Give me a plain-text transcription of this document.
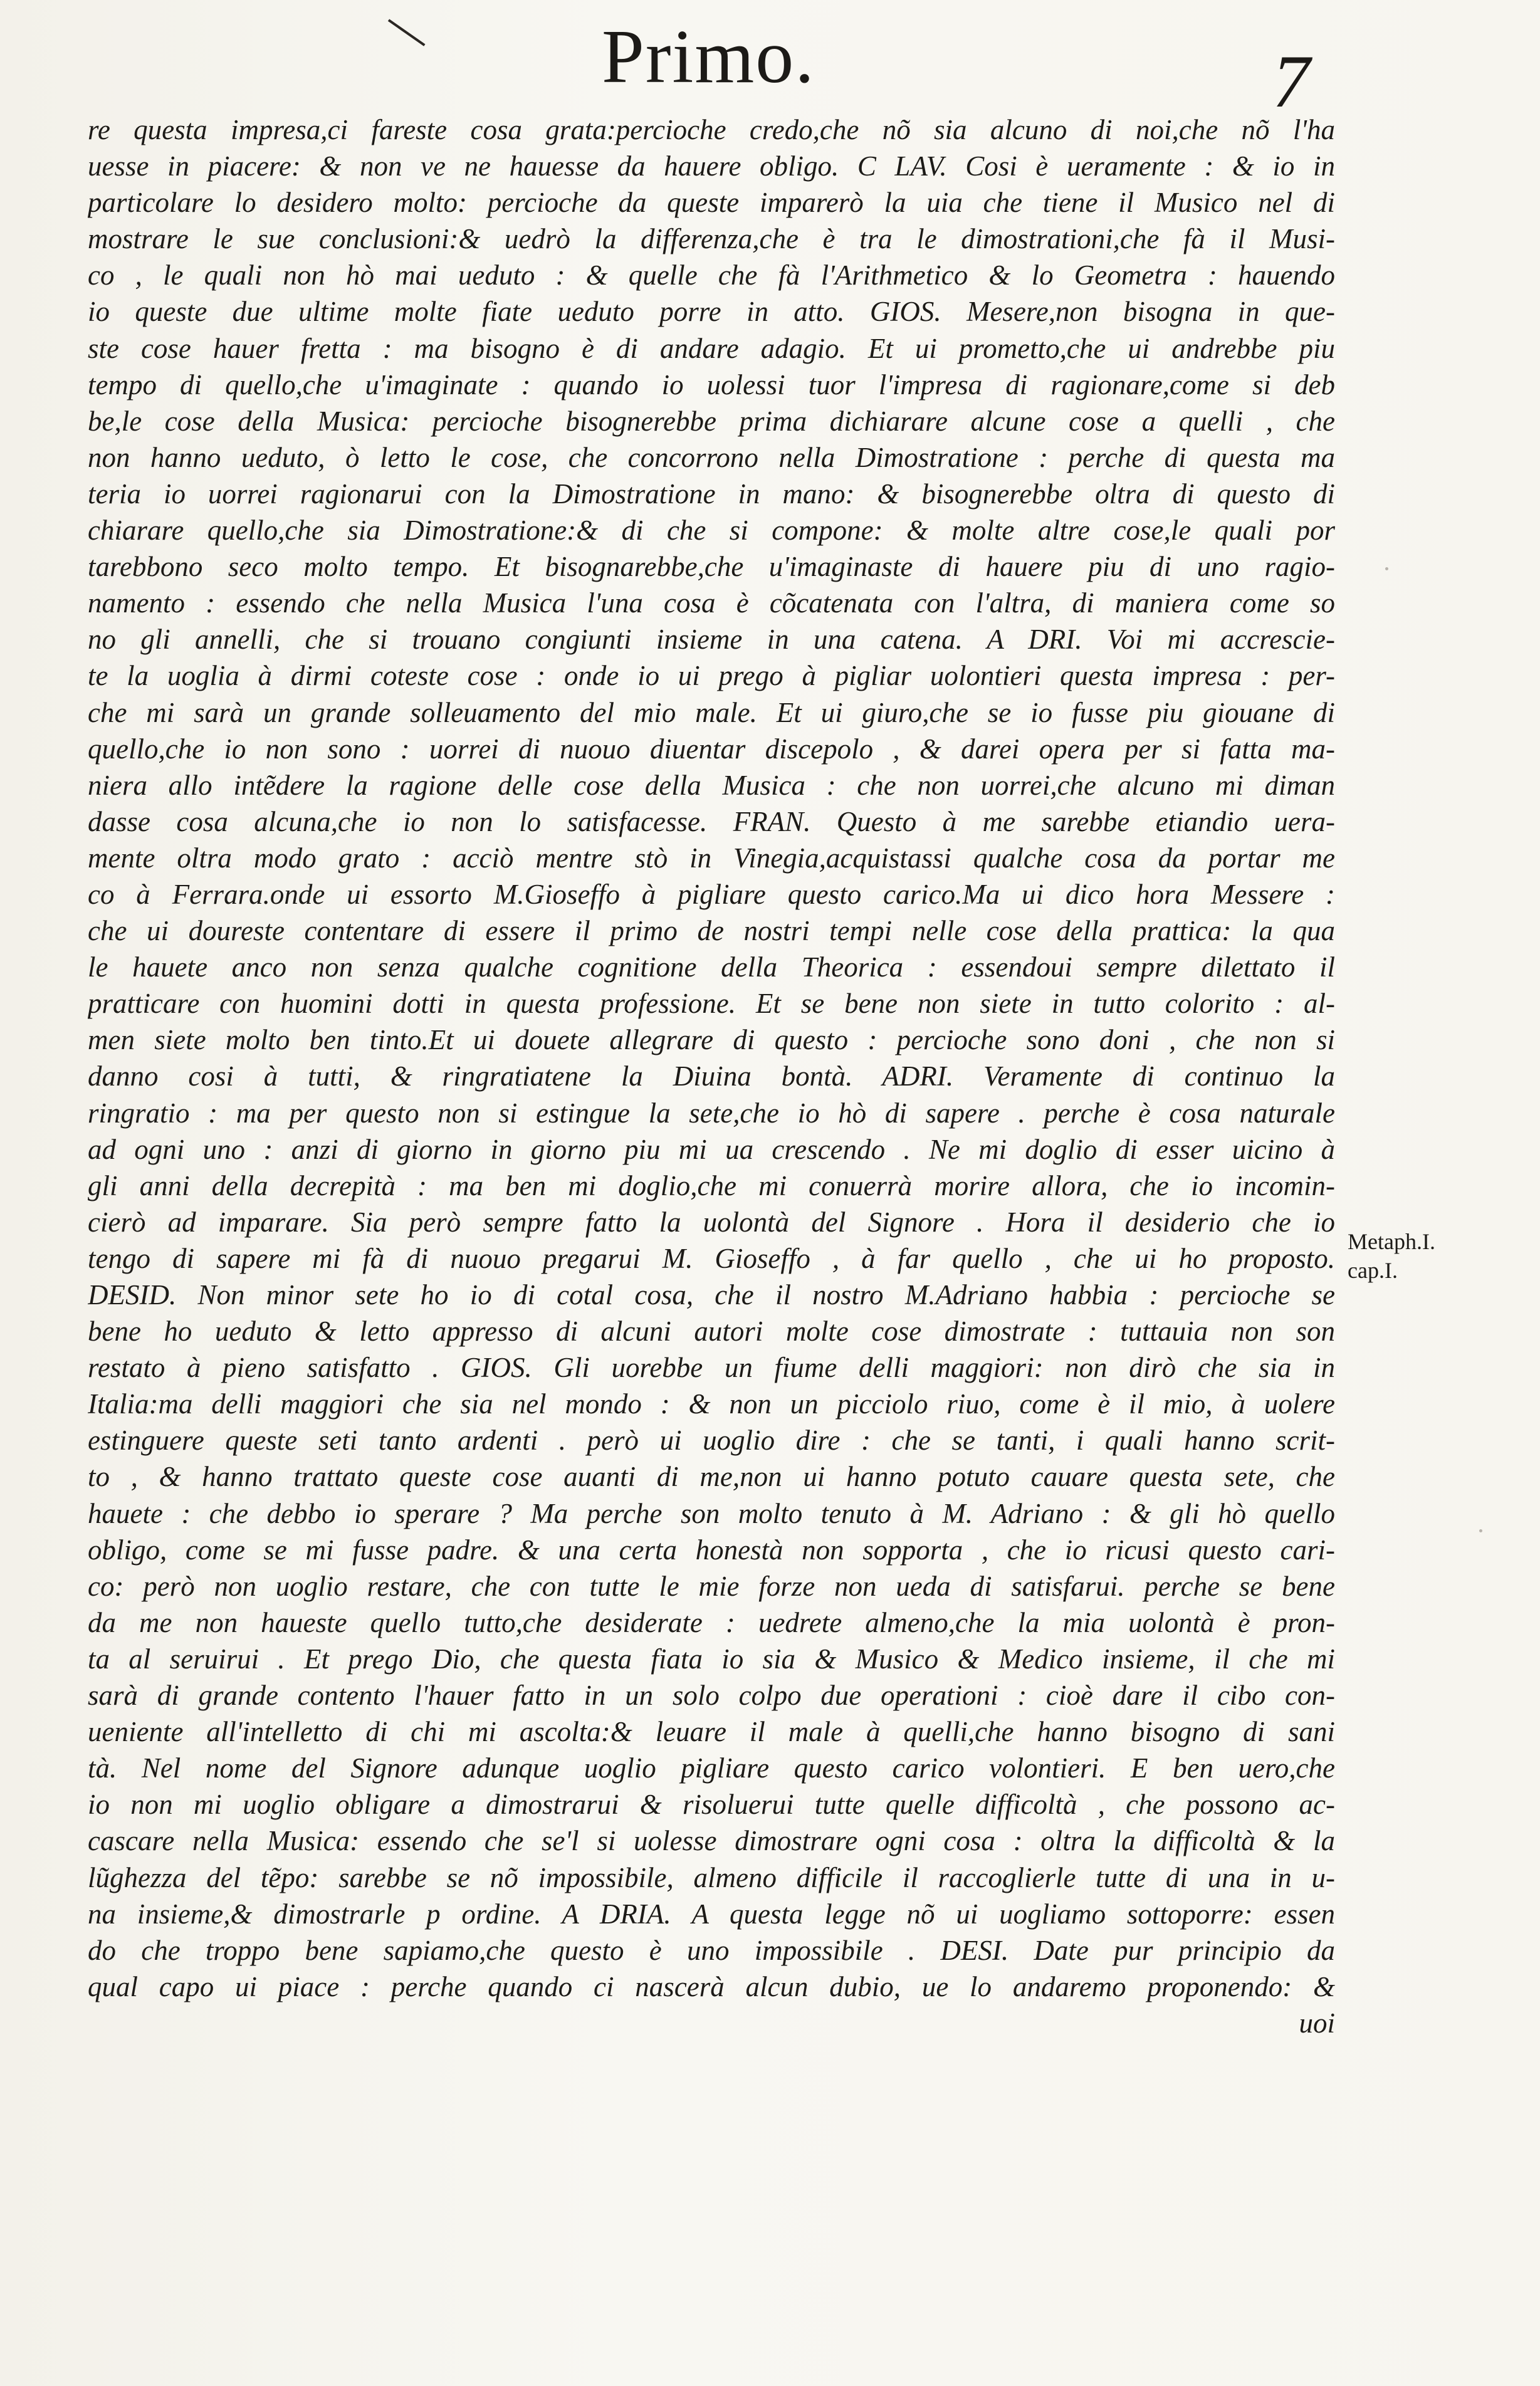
Primo.	7
re questa impresa,ci fareste cosa grata:percioche credo,che nõ sia alcuno di noi,che nõ l'ha
uesse in piacere: & non ve ne hauesse da hauere obligo. C LAV. Cosi è ueramente : & io in
particolare lo desidero molto: percioche da queste imparerò la uia che tiene il Musico nel di
mostrare le sue conclusioni:& uedrò la differenza,che è tra le dimostrationi,che fà il Musi-
co , le quali non hò mai ueduto : & quelle che fà l'Arithmetico & lo Geometra : hauendo
io queste due ultime molte fiate ueduto porre in atto. GIOS. Mesere,non bisogna in que-
ste cose hauer fretta : ma bisogno è di andare adagio. Et ui prometto,che ui andrebbe piu
tempo di quello,che u'imaginate : quando io uolessi tuor l'impresa di ragionare,come si deb
be,le cose della Musica: percioche bisognerebbe prima dichiarare alcune cose a quelli , che
non hanno ueduto, ò letto le cose, che concorrono nella Dimostratione : perche di questa ma
teria io uorrei ragionarui con la Dimostratione in mano: & bisognerebbe oltra di questo di
chiarare quello,che sia Dimostratione:& di che si compone: & molte altre cose,le quali por
tarebbono seco molto tempo. Et bisognarebbe,che u'imaginaste di hauere piu di uno ragio-
namento : essendo che nella Musica l'una cosa è cõcatenata con l'altra, di maniera come so
no gli annelli, che si trouano congiunti insieme in una catena. A DRI. Voi mi accrescie-
te la uoglia à dirmi coteste cose : onde io ui prego à pigliar uolontieri questa impresa : per-
che mi sarà un grande solleuamento del mio male. Et ui giuro,che se io fusse piu giouane di
quello,che io non sono : uorrei di nuouo diuentar discepolo , & darei opera per si fatta ma-
niera allo intẽdere la ragione delle cose della Musica : che non uorrei,che alcuno mi diman
dasse cosa alcuna,che io non lo satisfacesse. FRAN. Questo à me sarebbe etiandio uera-
mente oltra modo grato : acciò mentre stò in Vinegia,acquistassi qualche cosa da portar me
co à Ferrara.onde ui essorto M.Gioseffo à pigliare questo carico.Ma ui dico hora Messere :
che ui doureste contentare di essere il primo de nostri tempi nelle cose della prattica: la qua
le hauete anco non senza qualche cognitione della Theorica : essendoui sempre dilettato il
pratticare con huomini dotti in questa professione. Et se bene non siete in tutto colorito : al-
men siete molto ben tinto.Et ui douete allegrare di questo : percioche sono doni , che non si
danno cosi à tutti, & ringratiatene la Diuina bontà. ADRI. Veramente di continuo la
ringratio : ma per questo non si estingue la sete,che io hò di sapere . perche è cosa naturale
ad ogni uno : anzi di giorno in giorno piu mi ua crescendo . Ne mi doglio di esser uicino à
gli anni della decrepità : ma ben mi doglio,che mi conuerrà morire allora, che io incomin-
cierò ad imparare. Sia però sempre fatto la uolontà del Signore . Hora il desiderio che io
tengo di sapere mi fà di nuouo pregarui M. Gioseffo , à far quello , che ui ho proposto.
DESID. Non minor sete ho io di cotal cosa, che il nostro M.Adriano habbia : percioche se
bene ho ueduto & letto appresso di alcuni autori molte cose dimostrate : tuttauia non son
restato à pieno satisfatto . GIOS. Gli uorebbe un fiume delli maggiori: non dirò che sia in
Italia:ma delli maggiori che sia nel mondo : & non un picciolo riuo, come è il mio, à uolere
estinguere queste seti tanto ardenti . però ui uoglio dire : che se tanti, i quali hanno scrit-
to , & hanno trattato queste cose auanti di me,non ui hanno potuto cauare questa sete, che
hauete : che debbo io sperare ? Ma perche son molto tenuto à M. Adriano : & gli hò quello
obligo, come se mi fusse padre. & una certa honestà non sopporta , che io ricusi questo cari-
co: però non uoglio restare, che con tutte le mie forze non ueda di satisfarui. perche se bene
da me non haueste quello tutto,che desiderate : uedrete almeno,che la mia uolontà è pron-
ta al seruirui . Et prego Dio, che questa fiata io sia & Musico & Medico insieme, il che mi
sarà di grande contento l'hauer fatto in un solo colpo due operationi : cioè dare il cibo con-
ueniente all'intelletto di chi mi ascolta:& leuare il male à quelli,che hanno bisogno di sani
tà. Nel nome del Signore adunque uoglio pigliare questo carico volontieri. E ben uero,che
io non mi uoglio obligare a dimostrarui & risoluerui tutte quelle difficoltà , che possono ac-
cascare nella Musica: essendo che se'l si uolesse dimostrare ogni cosa : oltra la difficoltà & la
lũghezza del tẽpo: sarebbe se nõ impossibile, almeno difficile il raccoglierle tutte di una in u-
na insieme,& dimostrarle p ordine. A DRIA. A questa legge nõ ui uogliamo sottoporre: essen
do che troppo bene sapiamo,che questo è uno impossibile . DESI. Date pur principio da
qual capo ui piace : perche quando ci nascerà alcun dubio, ue lo andaremo proponendo: &
uoi
Metaph.I.
cap.I.
